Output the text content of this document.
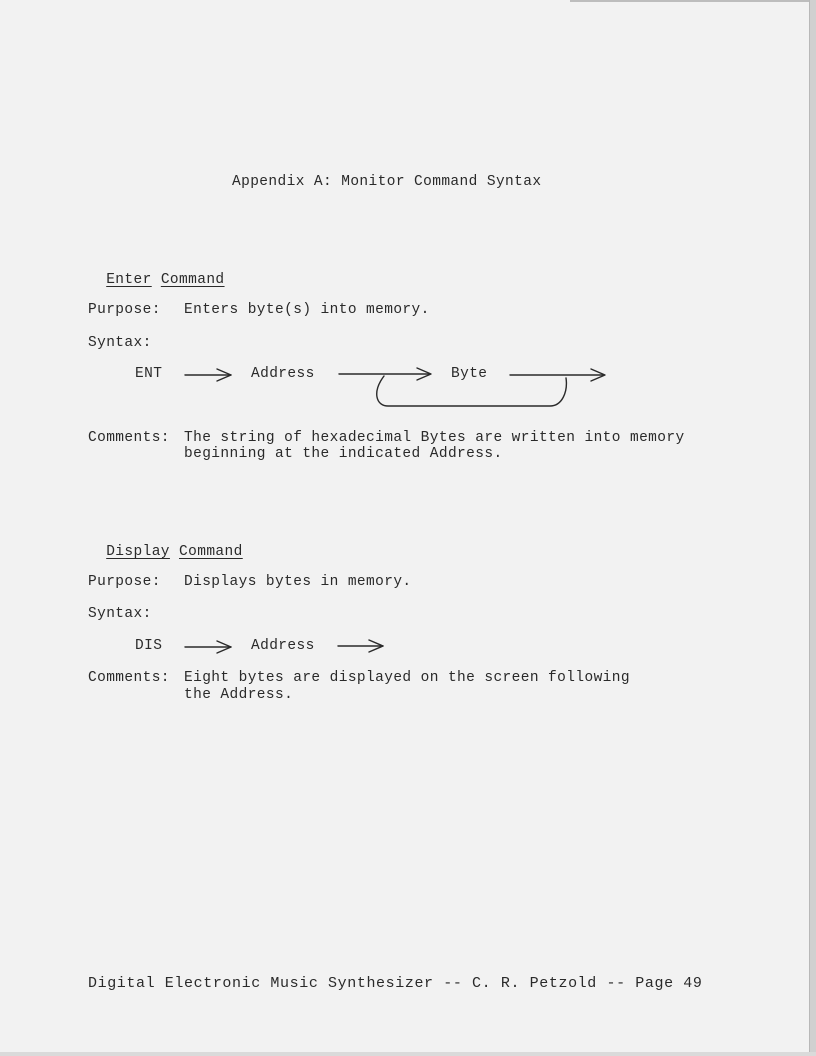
Appendix A: Monitor Command Syntax

Enter Command

Purpose: Enters byte(s) into memory.
Syntax:
ENT	Address	Byte
Comments: The string of hexadecimal Bytes are written into memory
beginning at the indicated Address.

Display Command

Purpose: Displays bytes in memory.
Syntax:
DIS	Address
Comments: Eight bytes are displayed on the screen following
the Address.
Digital Electronic Music Synthesizer -- C. R. Petzold -- Page 49
